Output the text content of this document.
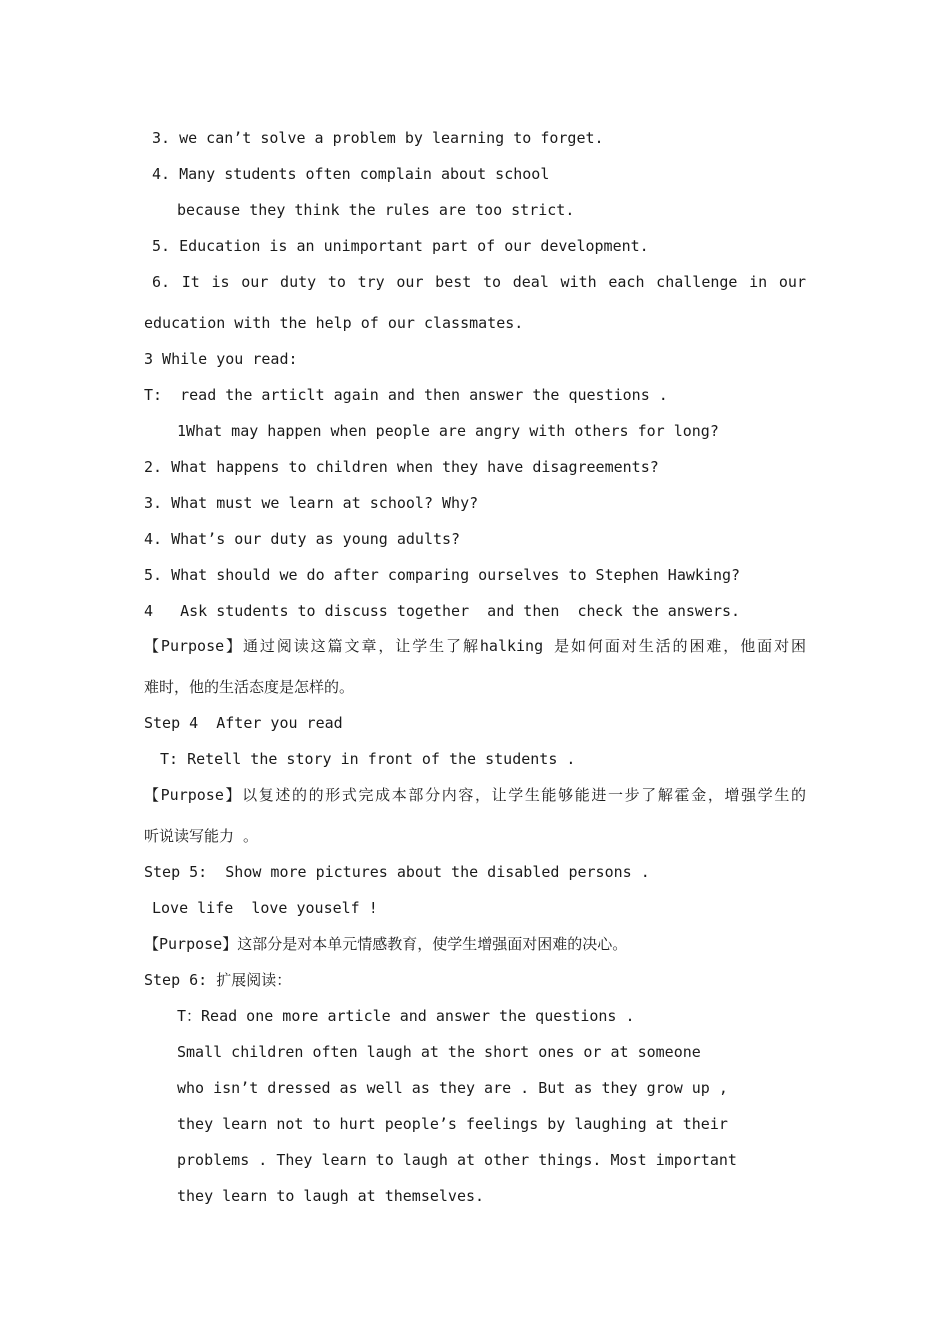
3. we can’t solve a problem by learning to forget.
4. Many students often complain about school
because they think the rules are too strict.
5. Education is an unimportant part of our development.
6. It is our duty to try our best to deal with each challenge in our
education with the help of our classmates.
3 While you read:
T:  read the articlt again and then answer the questions .
1What may happen when people are angry with others for long?
2. What happens to children when they have disagreements?
3. What must we learn at school? Why?
4. What’s our duty as young adults?
5. What should we do after comparing ourselves to Stephen Hawking?
4   Ask students to discuss together  and then  check the answers.
【Purpose】通过阅读这篇文章，让学生了解halking 是如何面对生活的困难，他面对困
难时，他的生活态度是怎样的。
Step 4  After you read
T: Retell the story in front of the students .
【Purpose】以复述的的形式完成本部分内容，让学生能够能进一步了解霍金，增强学生的
听说读写能力 。
Step 5:  Show more pictures about the disabled persons .
Love life  love youself !
【Purpose】这部分是对本单元情感教育，使学生增强面对困难的决心。
Step 6: 扩展阅读：
T：Read one more article and answer the questions .
Small children often laugh at the short ones or at someone
who isn’t dressed as well as they are . But as they grow up ,
they learn not to hurt people’s feelings by laughing at their
problems . They learn to laugh at other things. Most important
they learn to laugh at themselves.
